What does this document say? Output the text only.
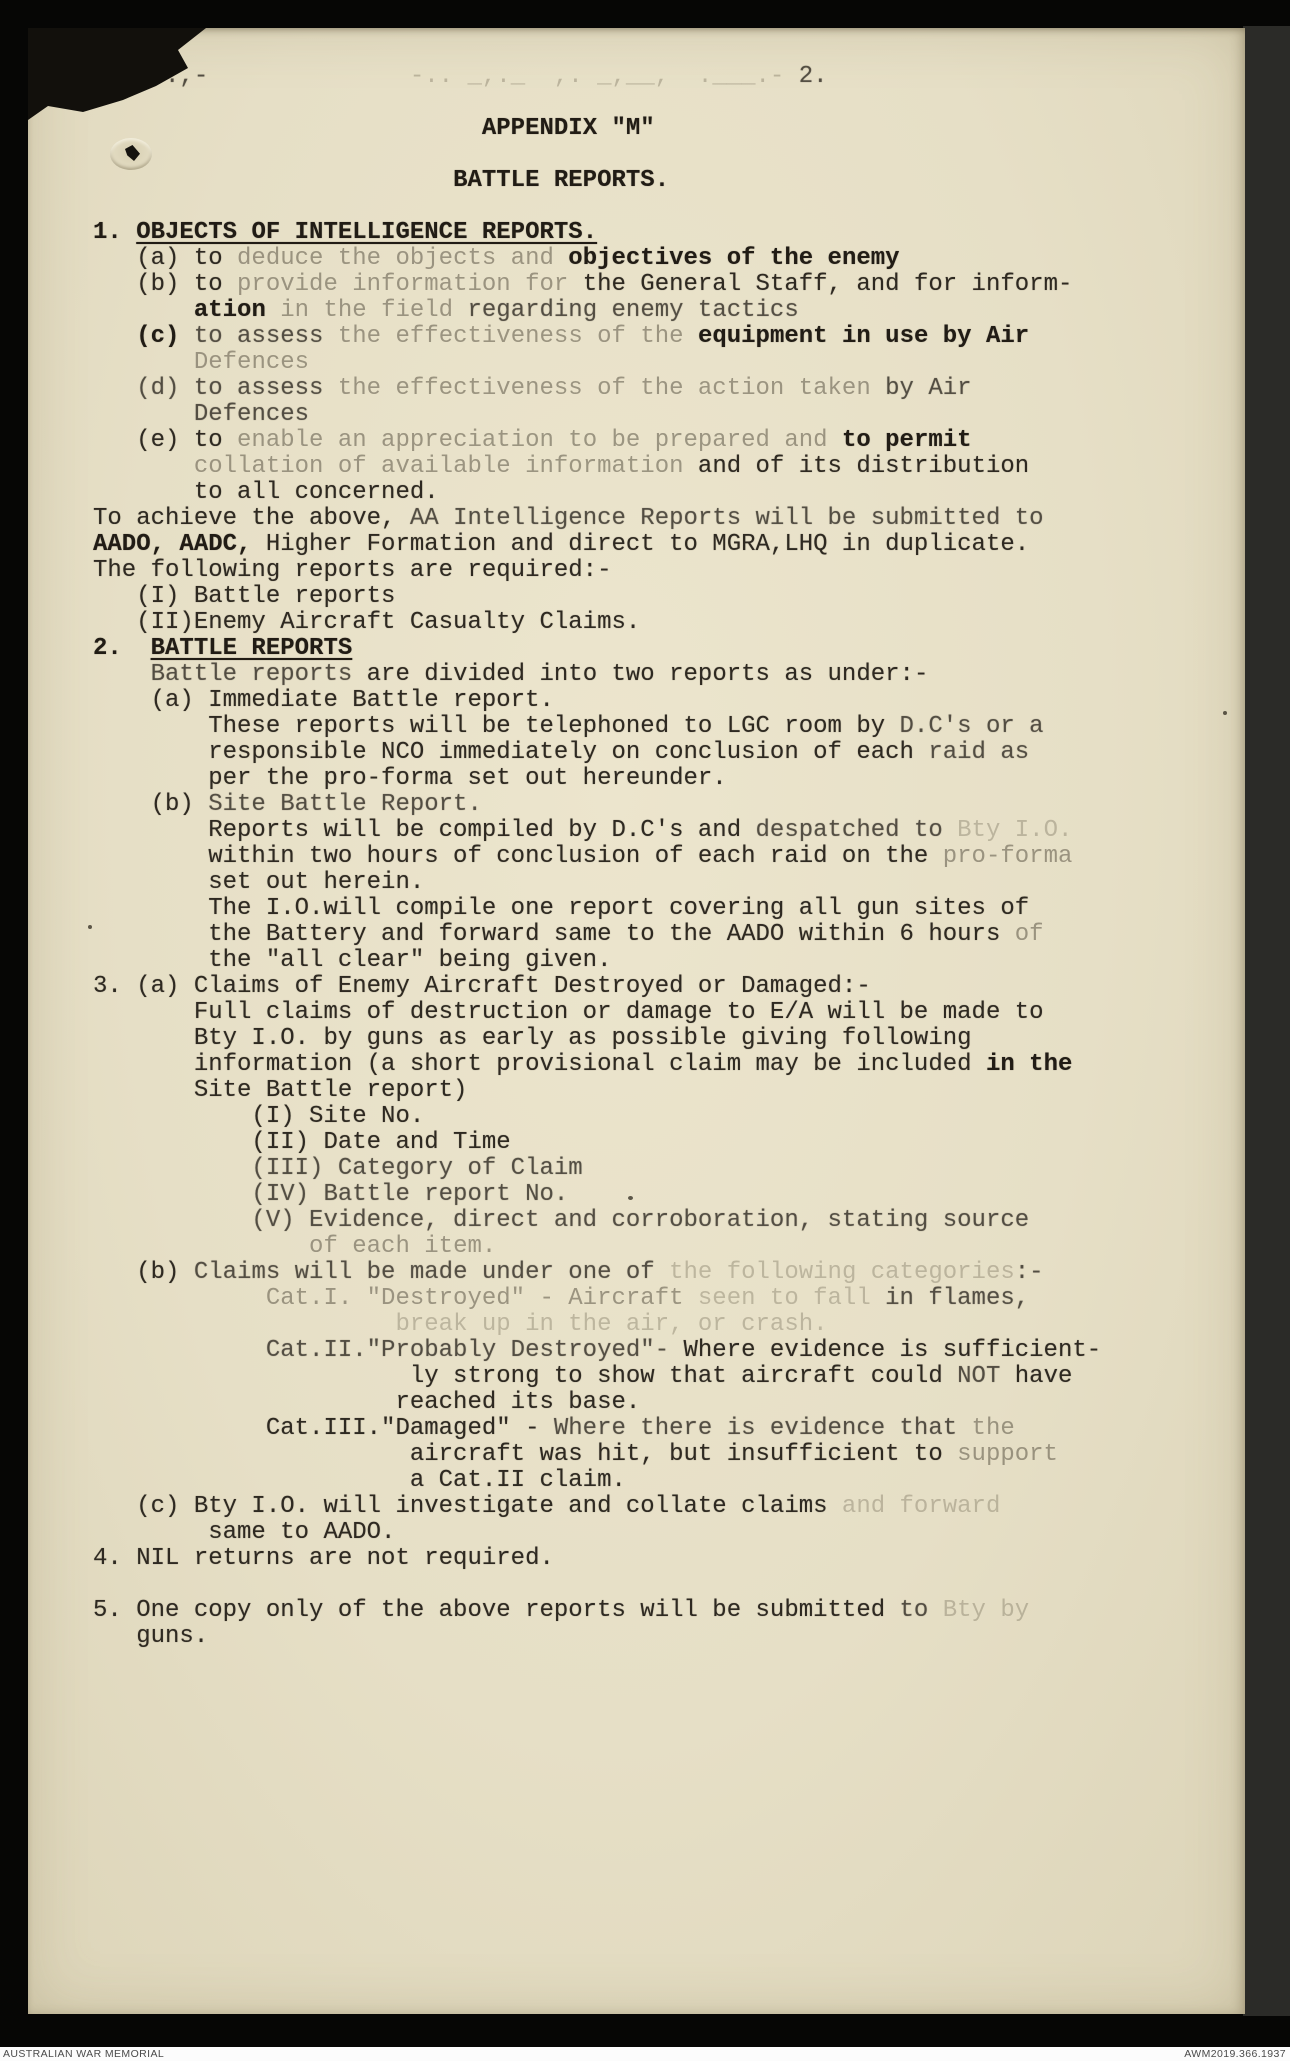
.,-	-.. _,._  ,. _,__,  .___.- 2.
APPENDIX "M"
BATTLE REPORTS.
1. OBJECTS OF INTELLIGENCE REPORTS.
(a) to deduce the objects and objectives of the enemy
(b) to provide information for the General Staff, and for inform-
ation in the field regarding enemy tactics
(c) to assess the effectiveness of the equipment in use by Air
Defences
(d) to assess the effectiveness of the action taken by Air
Defences
(e) to enable an appreciation to be prepared and to permit
collation of available information and of its distribution
to all concerned.
To achieve the above, AA Intelligence Reports will be submitted to
AADO, AADC, Higher Formation and direct to MGRA,LHQ in duplicate.
The following reports are required:-
(I) Battle reports
(II)Enemy Aircraft Casualty Claims.
2.  BATTLE REPORTS
Battle reports are divided into two reports as under:-
(a) Immediate Battle report.
These reports will be telephoned to LGC room by D.C's or a
responsible NCO immediately on conclusion of each raid as
per the pro-forma set out hereunder.
(b) Site Battle Report.
Reports will be compiled by D.C's and despatched to Bty I.O.
within two hours of conclusion of each raid on the pro-forma
set out herein.
The I.O.will compile one report covering all gun sites of
the Battery and forward same to the AADO within 6 hours of
the "all clear" being given.
3. (a) Claims of Enemy Aircraft Destroyed or Damaged:-
Full claims of destruction or damage to E/A will be made to
Bty I.O. by guns as early as possible giving following
information (a short provisional claim may be included in the
Site Battle report)
(I) Site No.
(II) Date and Time
(III) Category of Claim
(IV) Battle report No.
(V) Evidence, direct and corroboration, stating source
of each item.
(b) Claims will be made under one of the following categories:-
Cat.I. "Destroyed" - Aircraft seen to fall in flames,
break up in the air, or crash.
Cat.II."Probably Destroyed"- Where evidence is sufficient-
ly strong to show that aircraft could NOT have
reached its base.
Cat.III."Damaged" - Where there is evidence that the
aircraft was hit, but insufficient to support
a Cat.II claim.
(c) Bty I.O. will investigate and collate claims and forward
same to AADO.
4. NIL returns are not required.
5. One copy only of the above reports will be submitted to Bty by
guns.
AUSTRALIAN WAR MEMORIAL	AWM2019.366.1937
